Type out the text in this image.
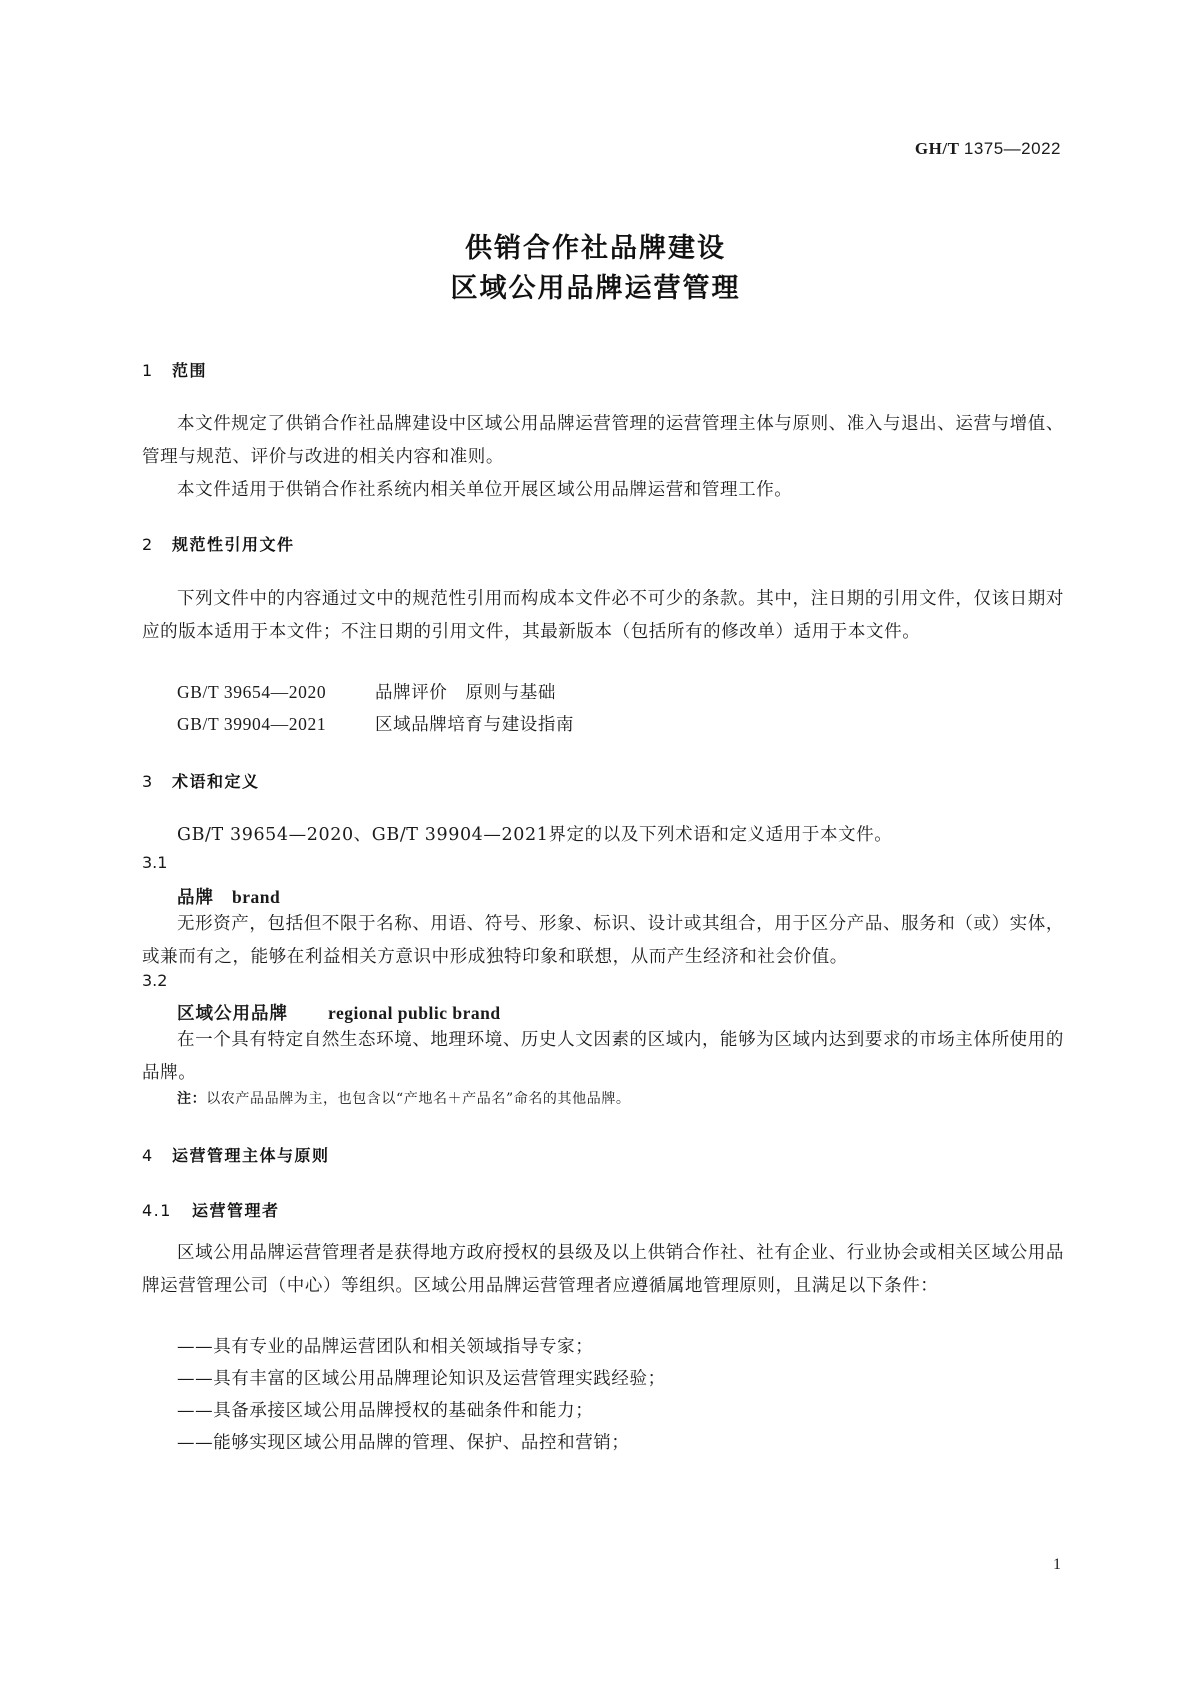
GH/T 1375—2022
供销合作社品牌建设
区域公用品牌运营管理
1 范围
本文件规定了供销合作社品牌建设中区域公用品牌运营管理的运营管理主体与原则、准入与退出、运营与增值、管理与规范、评价与改进的相关内容和准则。
本文件适用于供销合作社系统内相关单位开展区域公用品牌运营和管理工作。
2 规范性引用文件
下列文件中的内容通过文中的规范性引用而构成本文件必不可少的条款。其中，注日期的引用文件，仅该日期对应的版本适用于本文件；不注日期的引用文件，其最新版本（包括所有的修改单）适用于本文件。
GB/T 39654—2020	品牌评价　原则与基础
GB/T 39904—2021	区域品牌培育与建设指南
3 术语和定义
GB/T 39654—2020、GB/T 39904—2021界定的以及下列术语和定义适用于本文件。
3.1
品牌 brand
无形资产，包括但不限于名称、用语、符号、形象、标识、设计或其组合，用于区分产品、服务和（或）实体，或兼而有之，能够在利益相关方意识中形成独特印象和联想，从而产生经济和社会价值。
3.2
区域公用品牌 regional public brand
在一个具有特定自然生态环境、地理环境、历史人文因素的区域内，能够为区域内达到要求的市场主体所使用的品牌。
注：以农产品品牌为主，也包含以“产地名＋产品名”命名的其他品牌。
4 运营管理主体与原则
4.1 运营管理者
区域公用品牌运营管理者是获得地方政府授权的县级及以上供销合作社、社有企业、行业协会或相关区域公用品牌运营管理公司（中心）等组织。区域公用品牌运营管理者应遵循属地管理原则，且满足以下条件：
——具有专业的品牌运营团队和相关领域指导专家；
——具有丰富的区域公用品牌理论知识及运营管理实践经验；
——具备承接区域公用品牌授权的基础条件和能力；
——能够实现区域公用品牌的管理、保护、品控和营销；
1
